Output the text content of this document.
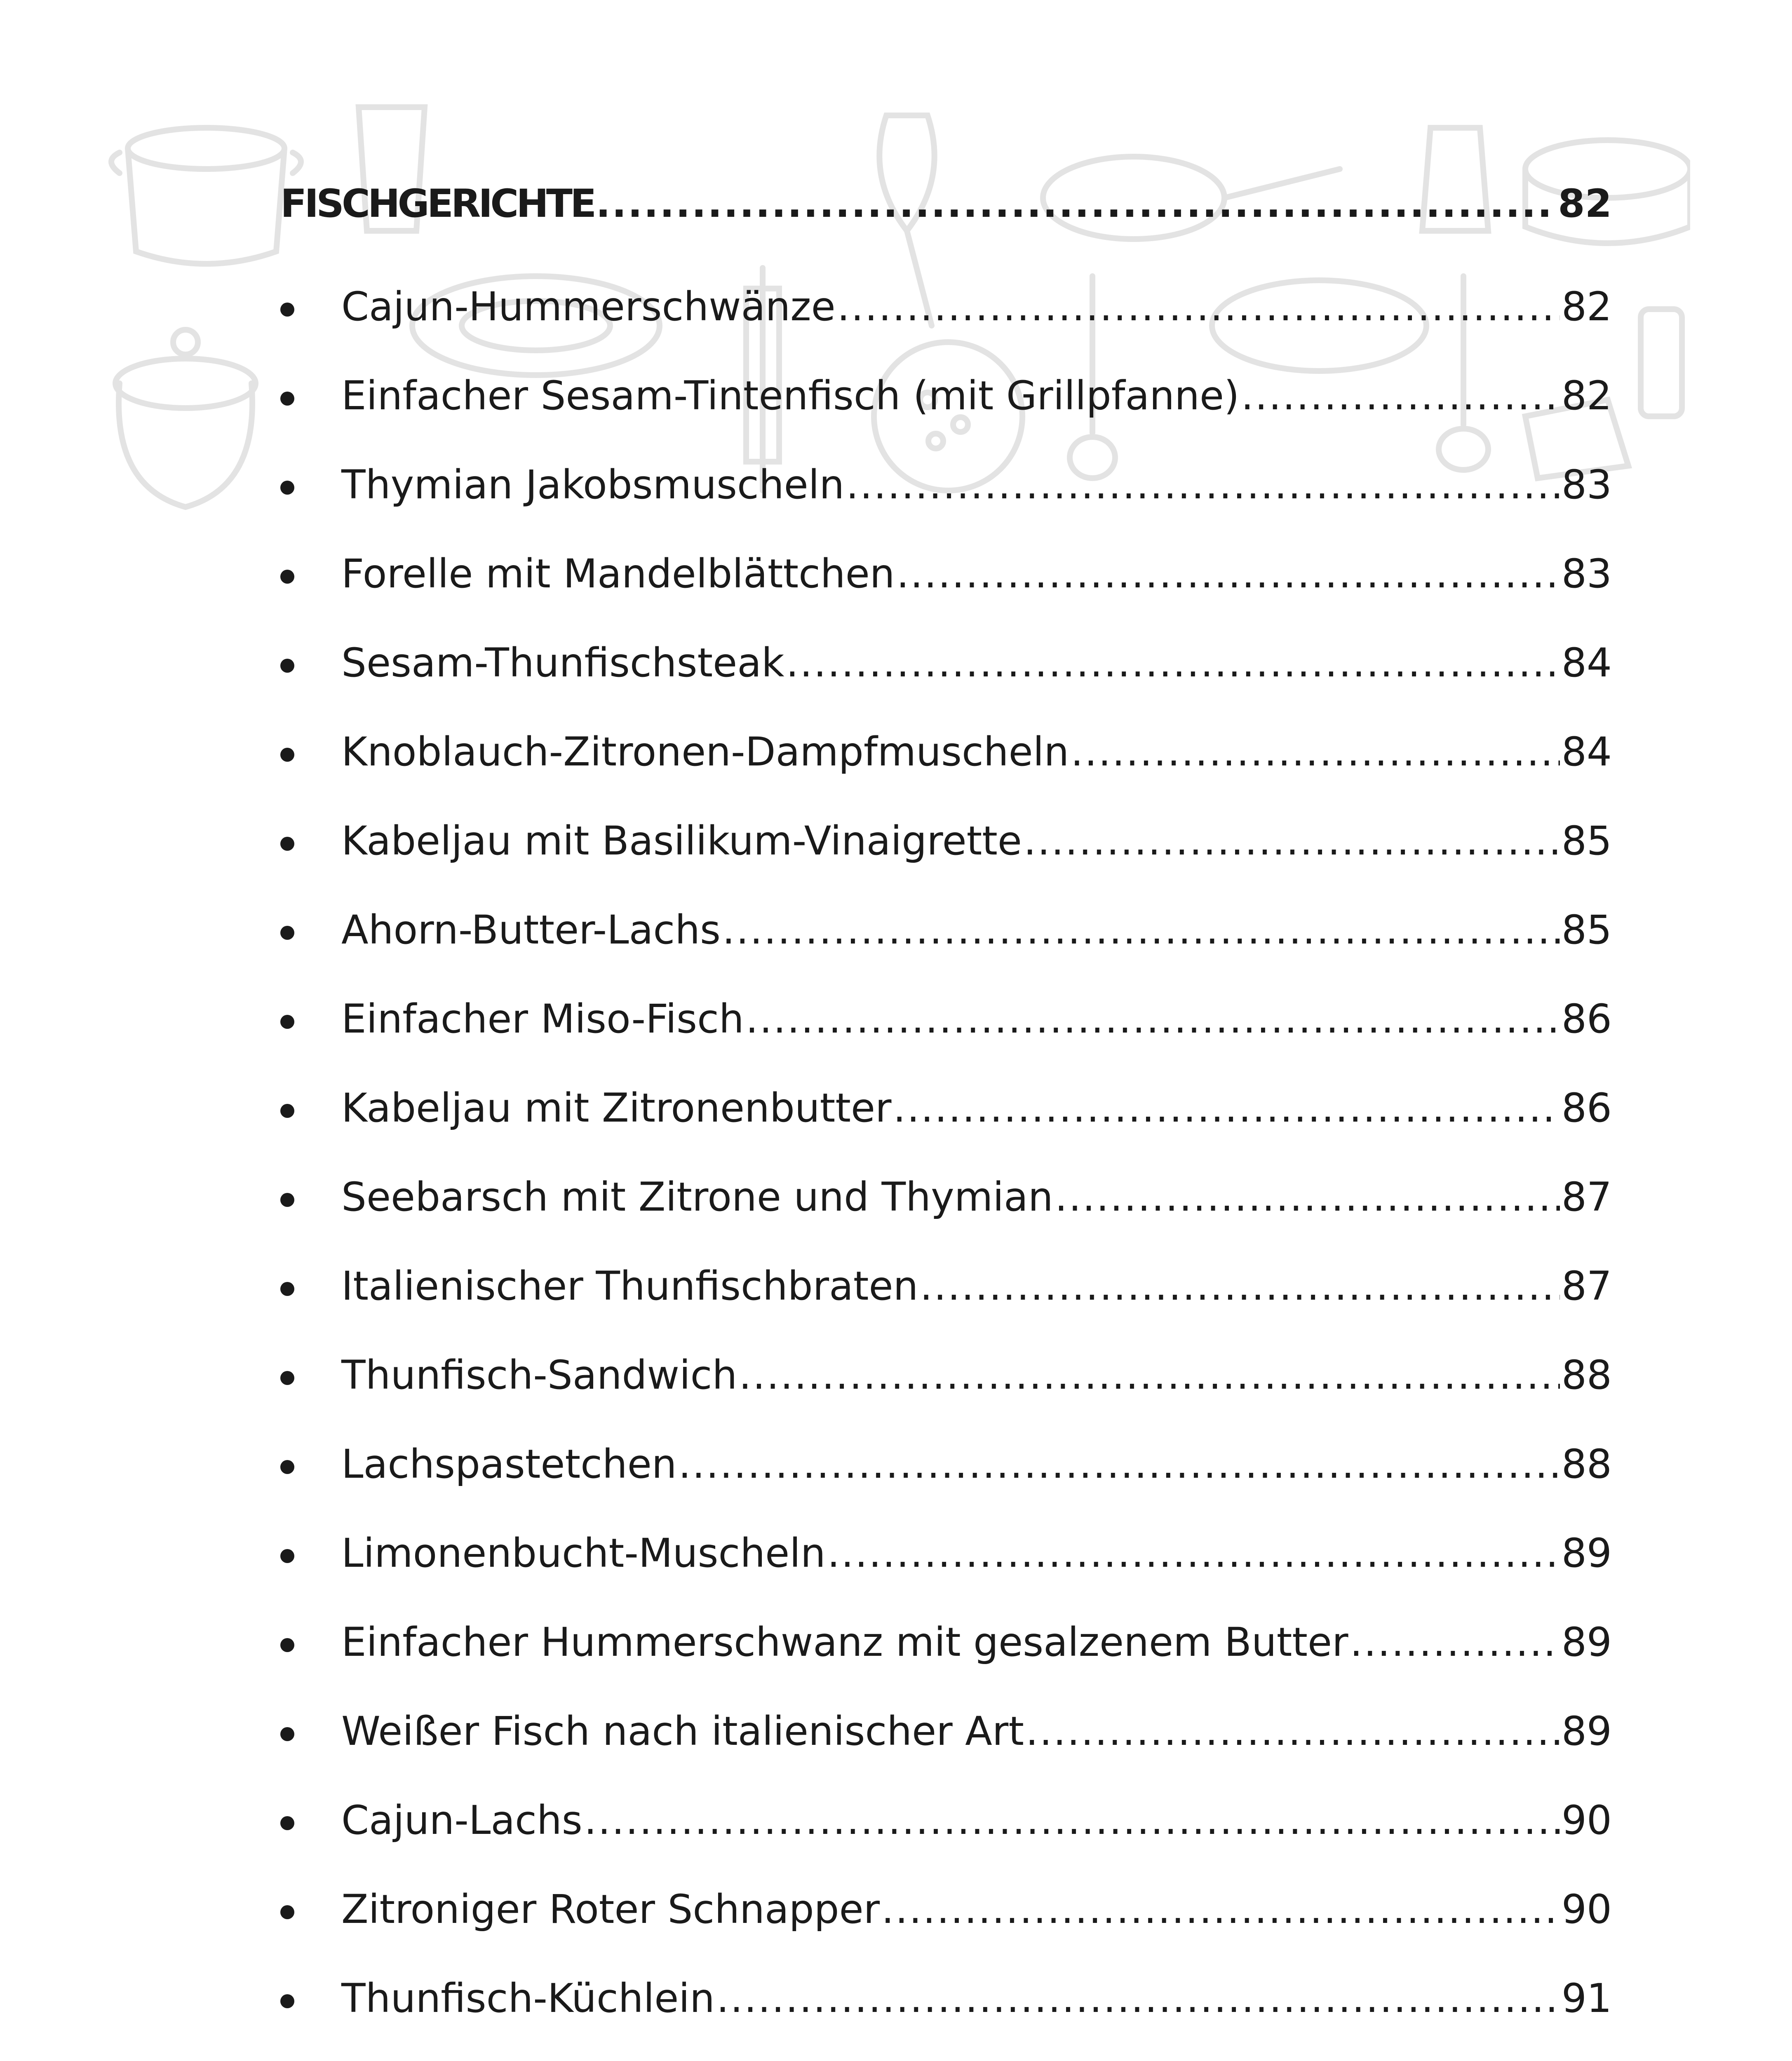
FISCHGERICHTE .....	82
Cajun-Hummerschwänze .....	82
Einfacher Sesam-Tintenfisch (mit Grillpfanne) .....	82
Thymian Jakobsmuscheln .....	83
Forelle mit Mandelblättchen .....	83
Sesam-Thunfischsteak .....	84
Knoblauch-Zitronen-Dampfmuscheln .....	84
Kabeljau mit Basilikum-Vinaigrette .....	85
Ahorn-Butter-Lachs .....	85
Einfacher Miso-Fisch .....	86
Kabeljau mit Zitronenbutter .....	86
Seebarsch mit Zitrone und Thymian .....	87
Italienischer Thunfischbraten .....	87
Thunfisch-Sandwich .....	88
Lachspastetchen .....	88
Limonenbucht-Muscheln .....	89
Einfacher Hummerschwanz mit gesalzenem Butter .....	89
Weißer Fisch nach italienischer Art .....	89
Cajun-Lachs .....	90
Zitroniger Roter Schnapper .....	90
Thunfisch-Küchlein .....	91
